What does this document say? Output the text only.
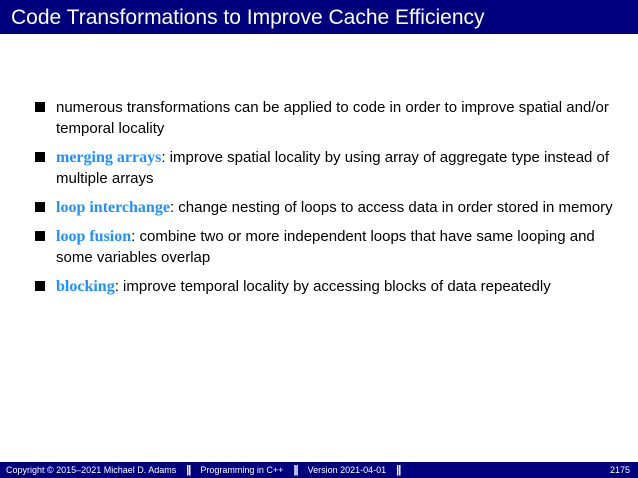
Code Transformations to Improve Cache Efficiency
numerous transformations can be applied to code in order to improve spatial and/or temporal locality
merging arrays: improve spatial locality by using array of aggregate type instead of multiple arrays
loop interchange: change nesting of loops to access data in order stored in memory
loop fusion: combine two or more independent loops that have same looping and some variables overlap
blocking: improve temporal locality by accessing blocks of data repeatedly
Copyright © 2015–2021 Michael D. Adams || Programming in C++ || Version 2021-04-01 ||	2175
